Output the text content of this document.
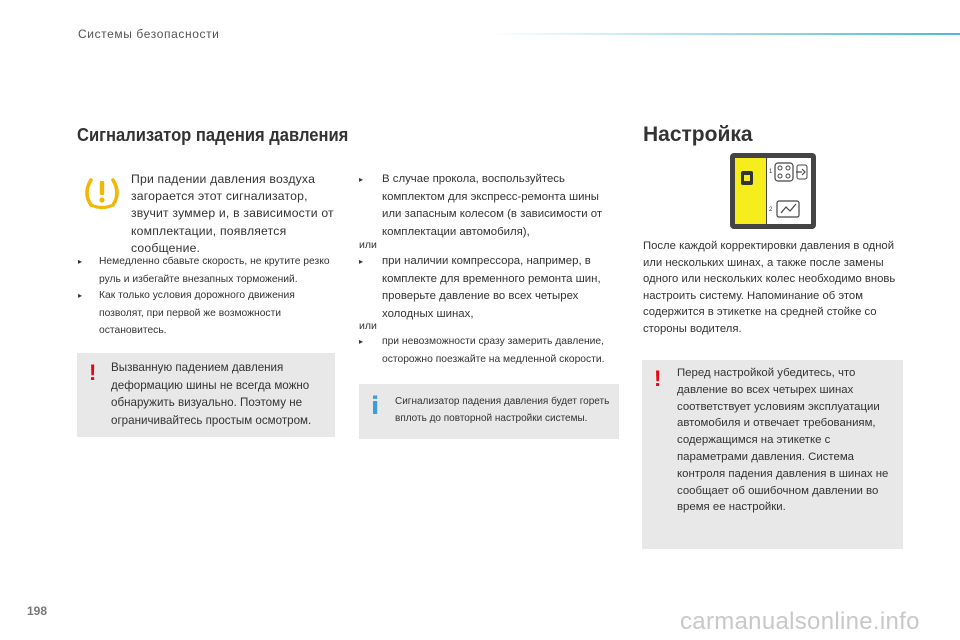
Системы безопасности
Сигнализатор падения давления
При падении давления воздуха загорается этот сигнализатор, звучит зуммер и, в зависимости от комплектации, появляется сообщение.
▸	Немедленно сбавьте скорость, не крутите резко руль и избегайте внезапных торможений.
▸	Как только условия дорожного движения позволят, при первой же возможности остановитесь.
! Вызванную падением давления деформацию шины не всегда можно обнаружить визуально. Поэтому не ограничивайтесь простым осмотром.
▸	В случае прокола, воспользуйтесь комплектом для экспресс-ремонта шины или запасным колесом (в зависимости от комплектации автомобиля),
или
▸	при наличии компрессора, например, в комплекте для временного ремонта шин, проверьте давление во всех четырех холодных шинах,
или
▸	при невозможности сразу замерить давление, осторожно поезжайте на медленной скорости.
i Сигнализатор падения давления будет гореть вплоть до повторной настройки системы.
Настройка
1
2
После каждой корректировки давления в одной или нескольких шинах, а также после замены одного или нескольких колес необходимо вновь настроить систему. Напоминание об этом содержится в этикетке на средней стойке со стороны водителя.
! Перед настройкой убедитесь, что давление во всех четырех шинах соответствует условиям эксплуатации автомобиля и отвечает требованиям, содержащимся на этикетке с параметрами давления. Система контроля падения давления в шинах не сообщает об ошибочном давлении во время ее настройки.
198	carmanualsonline.info
